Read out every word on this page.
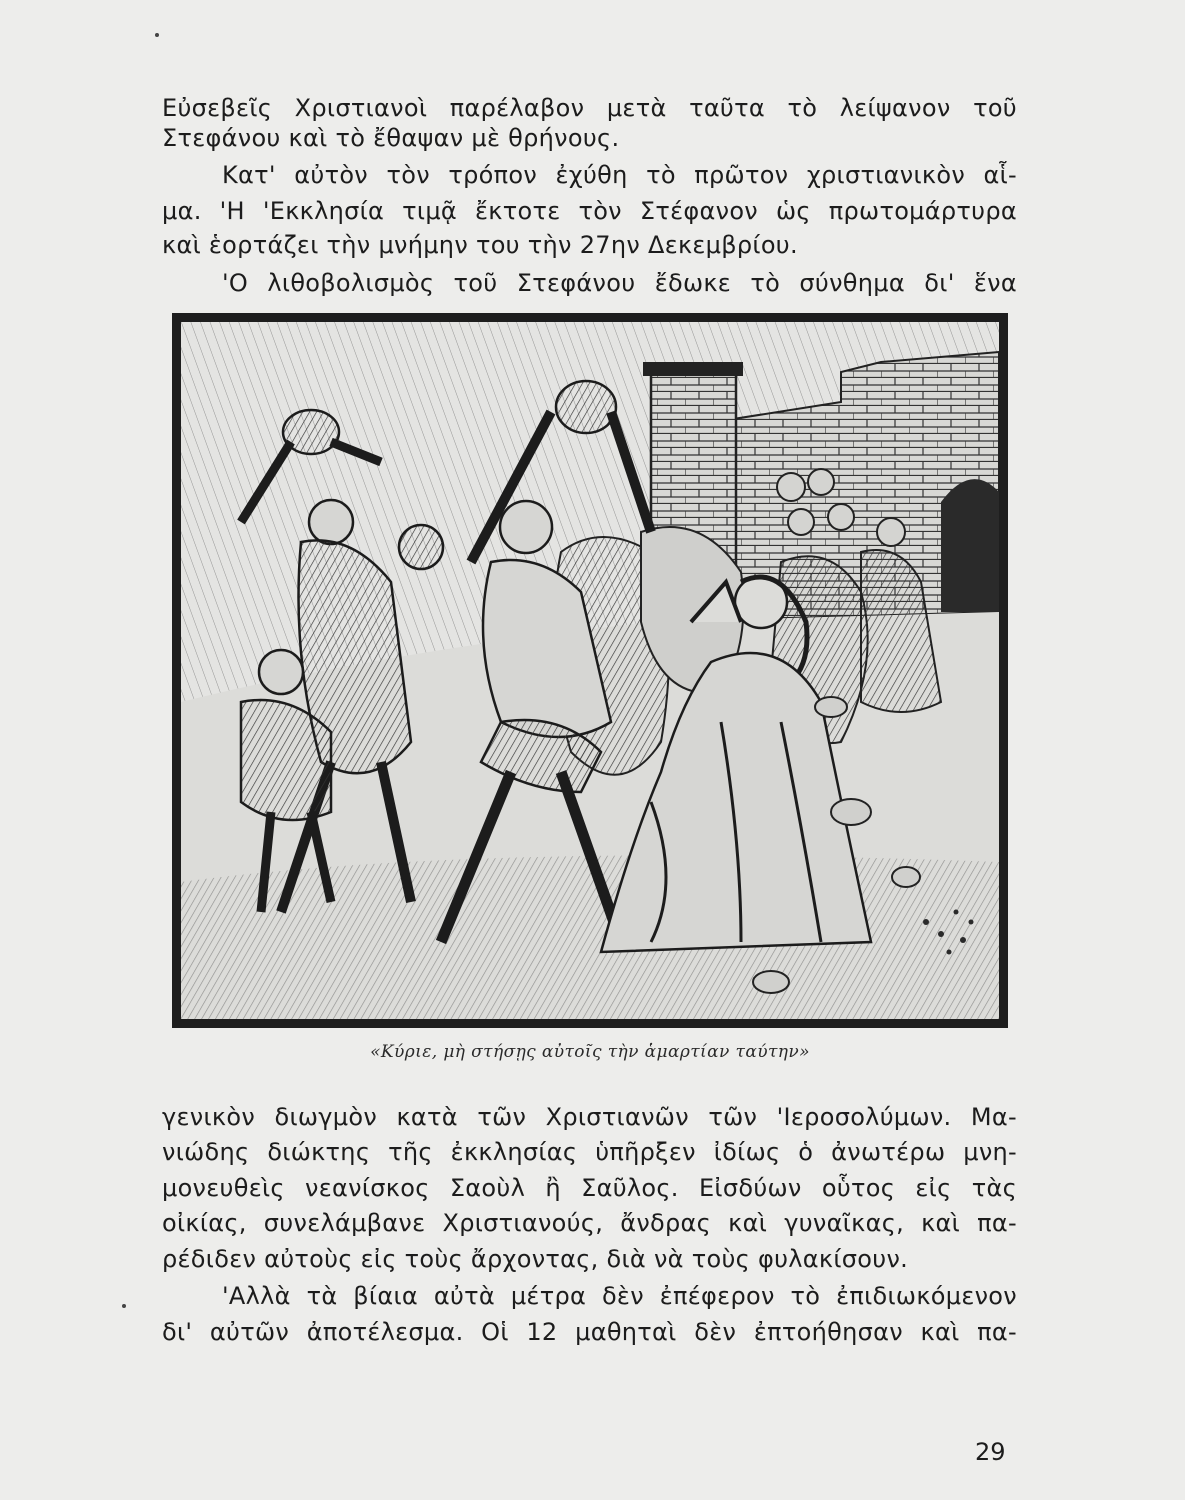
Εὐσεβεῖς Χριστιανοὶ παρέλαβον μετὰ ταῦτα τὸ λείψανον τοῦ
Στεφάνου καὶ τὸ ἔθαψαν μὲ θρήνους.
Κατ' αὐτὸν τὸν τρόπον ἐχύθη τὸ πρῶτον χριστιανικὸν αἷ-
μα. 'Η 'Εκκλησία τιμᾷ ἔκτοτε τὸν Στέφανον ὡς πρωτομάρτυρα
καὶ ἑορτάζει τὴν μνήμην του τὴν 27ην Δεκεμβρίου.
'Ο λιθοβολισμὸς τοῦ Στεφάνου ἔδωκε τὸ σύνθημα δι' ἕνα
«Κύριε, μὴ στήσῃς αὐτοῖς τὴν ἁμαρτίαν ταύτην»
γενικὸν διωγμὸν κατὰ τῶν Χριστιανῶν τῶν 'Ιεροσολύμων. Μα-
νιώδης διώκτης τῆς ἐκκλησίας ὑπῆρξεν ἰδίως ὁ ἀνωτέρω μνη-
μονευθεὶς νεανίσκος Σαοὺλ ἢ Σαῦλος. Εἰσδύων οὗτος εἰς τὰς
οἰκίας, συνελάμβανε Χριστιανούς, ἄνδρας καὶ γυναῖκας, καὶ πα-
ρέδιδεν αὐτοὺς εἰς τοὺς ἄρχοντας, διὰ νὰ τοὺς φυλακίσουν.
'Αλλὰ τὰ βίαια αὐτὰ μέτρα δὲν ἐπέφερον τὸ ἐπιδιωκόμενον
δι' αὐτῶν ἀποτέλεσμα. Οἱ 12 μαθηταὶ δὲν ἐπτοήθησαν καὶ πα-
29
